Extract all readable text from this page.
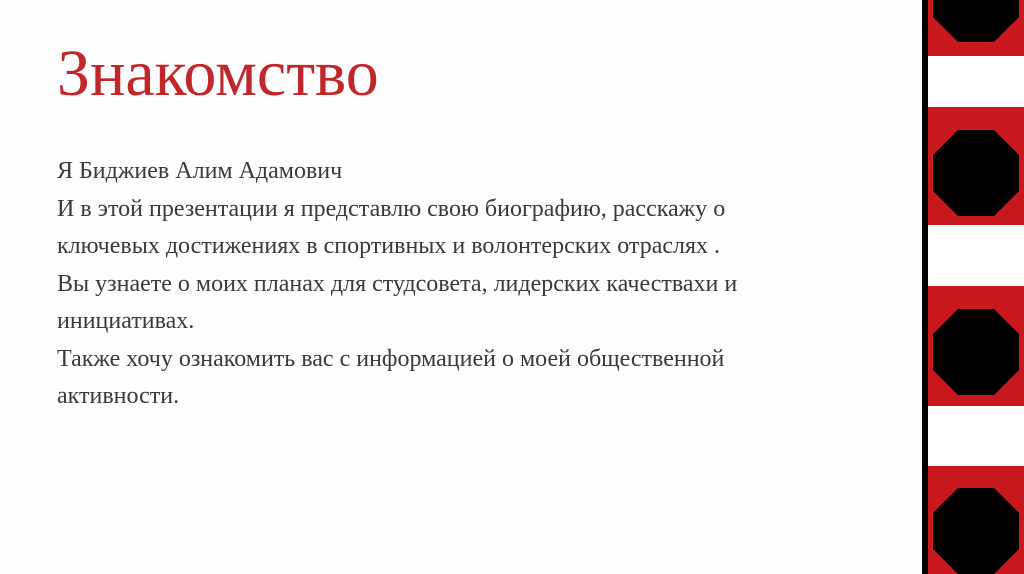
Знакомство
Я Биджиев Алим Адамович
И в этой презентации я представлю свою биографию, расскажу о
ключевых достижениях в спортивных и волонтерских отраслях .
Вы узнаете о моих планах для студсовета, лидерских качествахи и
инициативах.
Также хочу ознакомить вас с информацией о моей общественной
активности.
